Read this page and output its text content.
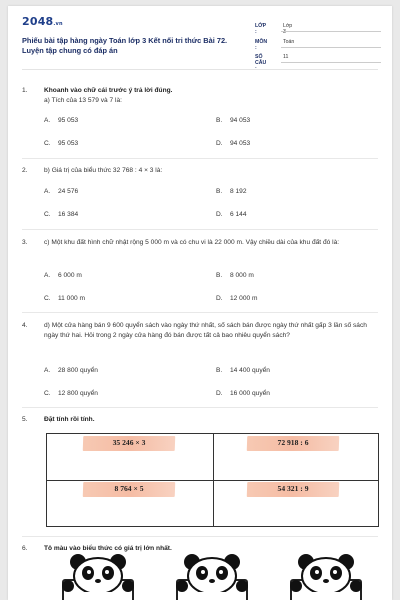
2048.vn
Phiếu bài tập hàng ngày Toán lớp 3 Kết nối tri thức Bài 72. Luyện tập chung có đáp án
LỚP :
Lớp 3
MÔN :
Toán
SỐ CÂU :
11
1.	Khoanh vào chữ cái trước ý trả lời đúng.
a) Tích của 13 579 và 7 là:
A. 95 053	B. 94 053
C. 95 053	D. 94 053
2.	b) Giá trị của biểu thức 32 768 : 4 × 3 là:
A. 24 576	B. 8 192
C. 16 384	D. 6 144
3.	c) Một khu đất hình chữ nhật rộng 5 000 m và có chu vi là 22 000 m. Vậy chiều dài của khu đất đó là:
A. 6 000 m	B. 8 000 m
C. 11 000 m	D. 12 000 m
4.	d) Một cửa hàng bán 9 600 quyển sách vào ngày thứ nhất, số sách bán được ngày thứ nhất gấp 3 lần số sách ngày thứ hai. Hỏi trong 2 ngày cửa hàng đó bán được tất cả bao nhiêu quyển sách?
A. 28 800 quyển	B. 14 400 quyển
C. 12 800 quyển	D. 16 000 quyển
5.	Đặt tính rồi tính.
35 246 × 3	72 918 : 6
8 764 × 5	54 321 : 9
6.	Tô màu vào biểu thức có giá trị lớn nhất.
